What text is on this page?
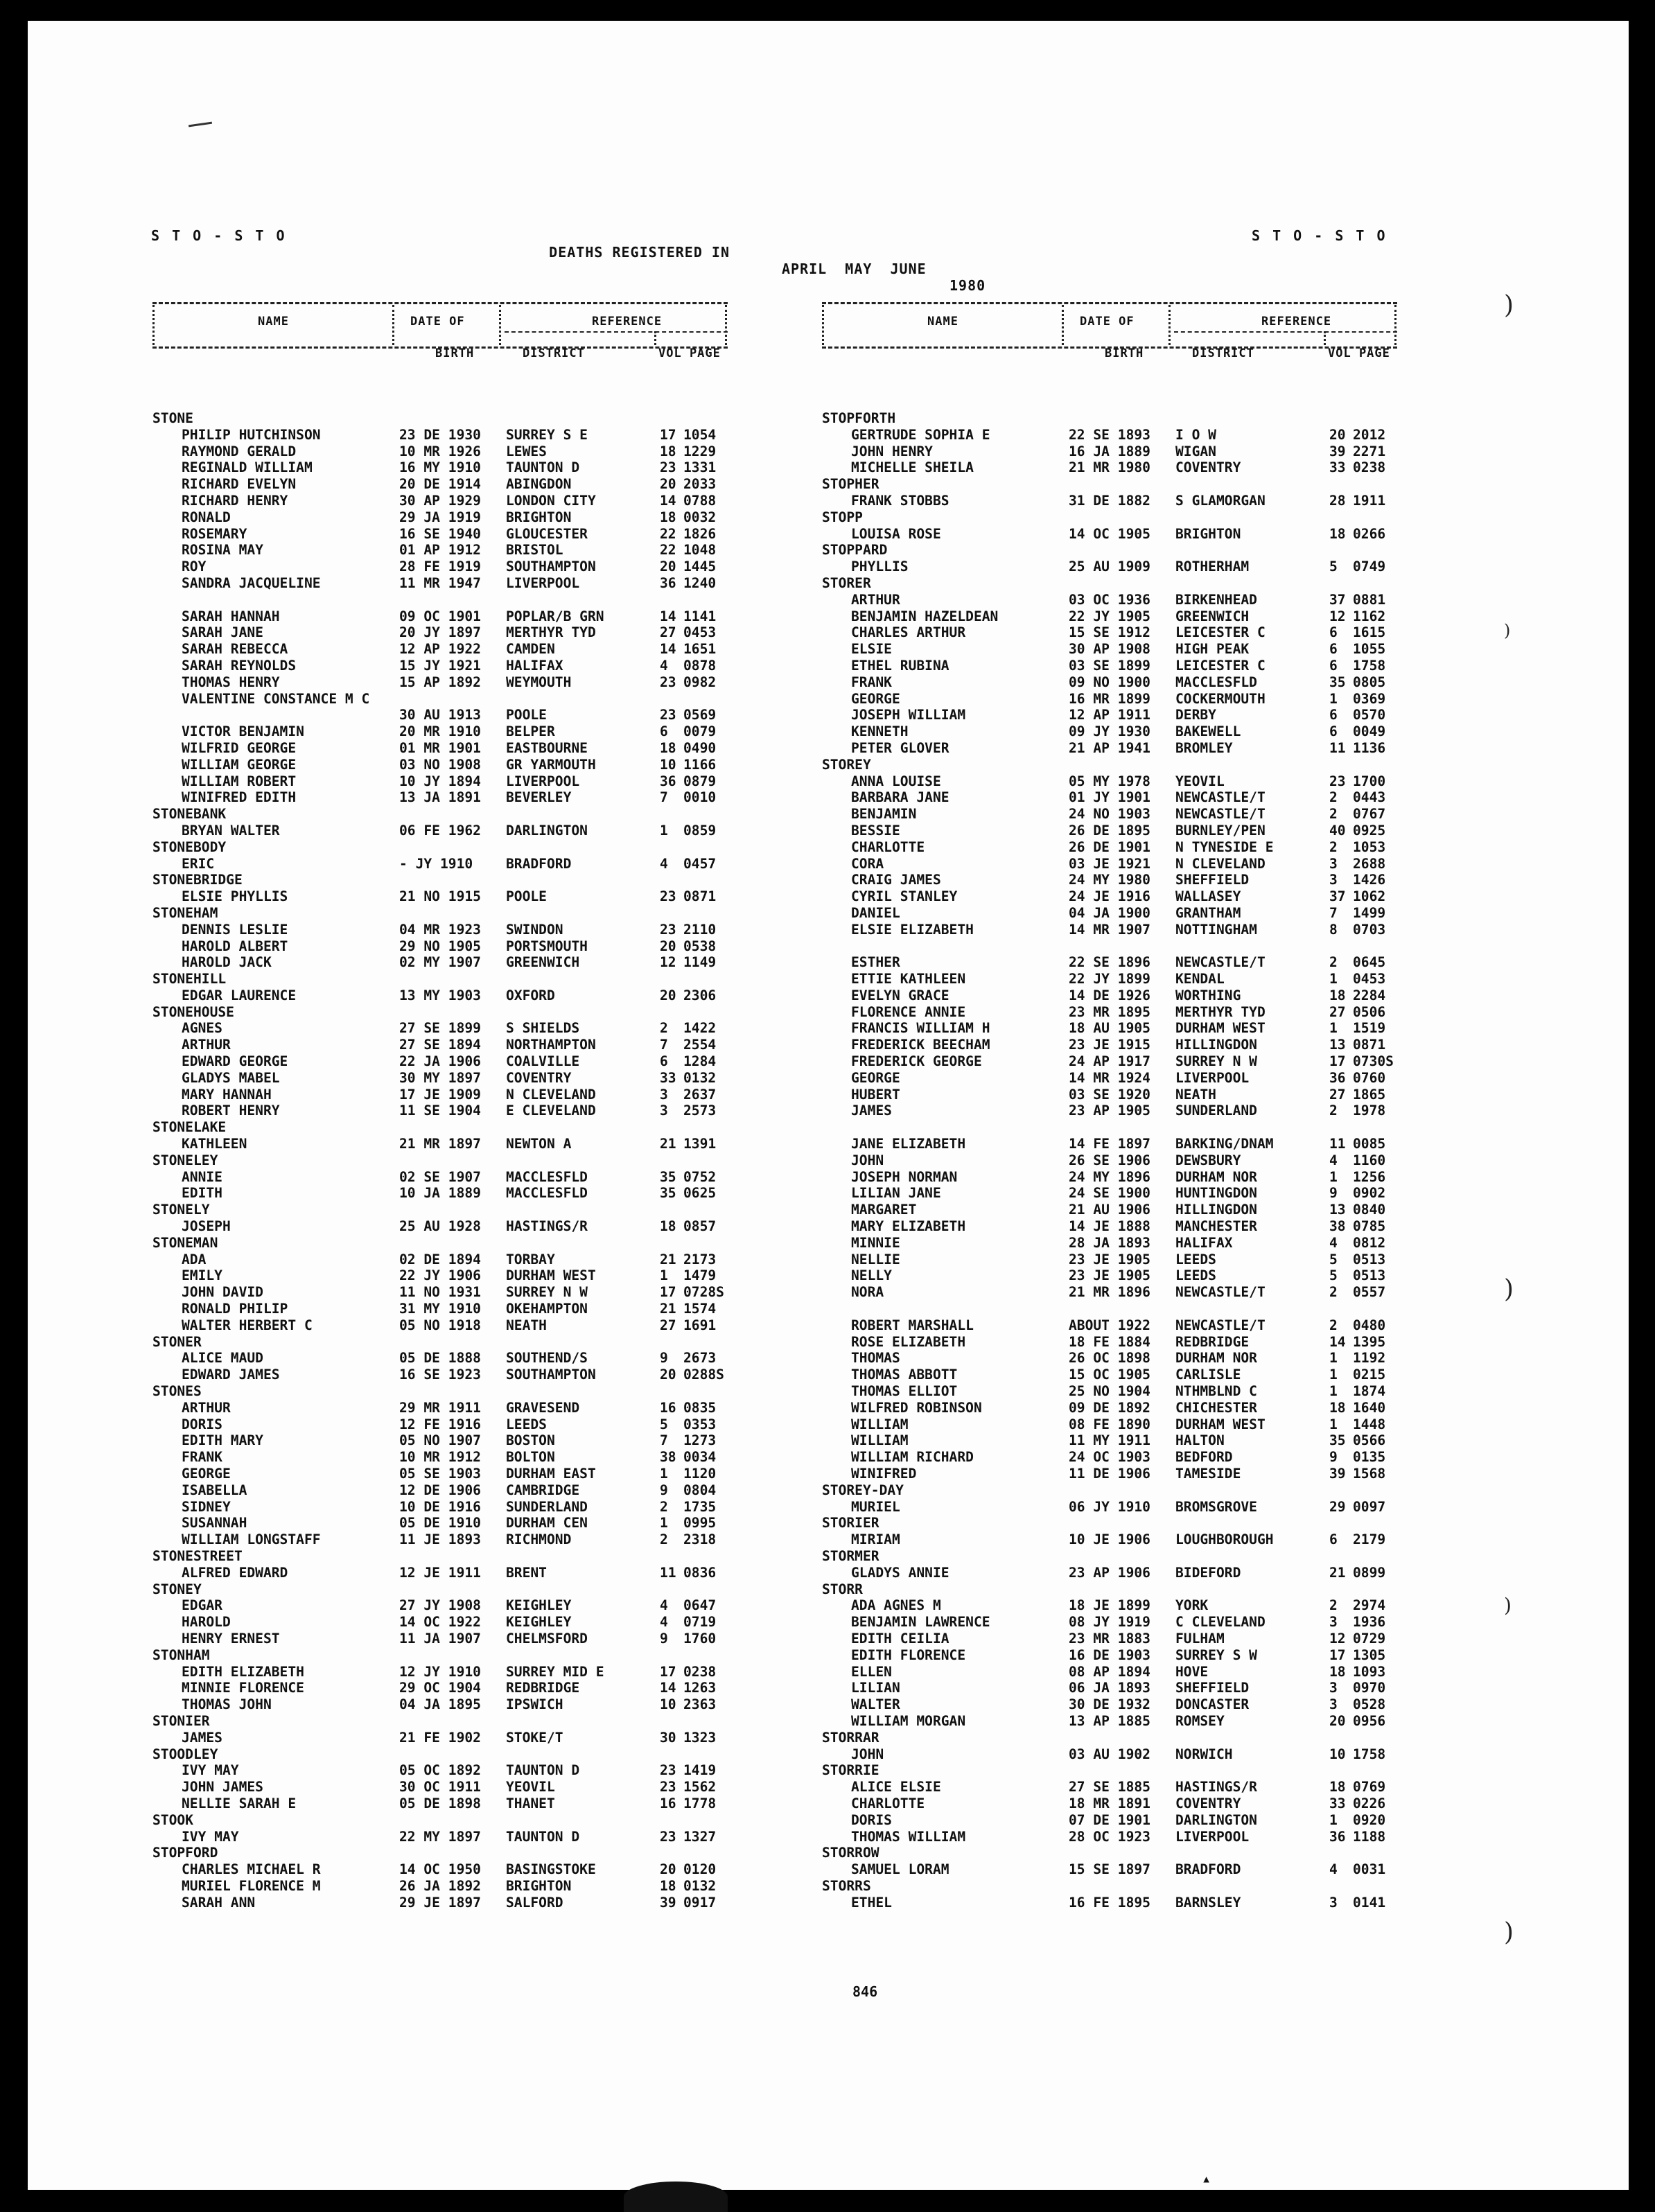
S T O - S T O

DEATHS REGISTERED IN

APRIL  MAY  JUNE

1980

S T O - S T O
NAME	DATE OF
BIRTH
REFERENCE
DISTRICT	VOL PAGE
STONE
PHILIP HUTCHINSON	23 DE 1930 SURREY S E	17 1054
RAYMOND GERALD	10 MR 1926 LEWES	18 1229
REGINALD WILLIAM	16 MY 1910 TAUNTON D	23 1331
RICHARD EVELYN	20 DE 1914 ABINGDON	20 2033
RICHARD HENRY	30 AP 1929 LONDON CITY	14 0788
RONALD	29 JA 1919 BRIGHTON	18 0032
ROSEMARY	16 SE 1940 GLOUCESTER	22 1826
ROSINA MAY	01 AP 1912 BRISTOL	22 1048
ROY	28 FE 1919 SOUTHAMPTON	20 1445
SANDRA JACQUELINE	11 MR 1947 LIVERPOOL	36 1240
SARAH HANNAH	09 OC 1901 POPLAR/B GRN	14 1141
SARAH JANE	20 JY 1897 MERTHYR TYD	27 0453
SARAH REBECCA	12 AP 1922 CAMDEN	14 1651
SARAH REYNOLDS	15 JY 1921 HALIFAX	4 0878
THOMAS HENRY	15 AP 1892 WEYMOUTH	23 0982
VALENTINE CONSTANCE M C
30 AU 1913 POOLE	23 0569
VICTOR BENJAMIN	20 MR 1910 BELPER	6 0079
WILFRID GEORGE	01 MR 1901 EASTBOURNE	18 0490
WILLIAM GEORGE	03 NO 1908 GR YARMOUTH	10 1166
WILLIAM ROBERT	10 JY 1894 LIVERPOOL	36 0879
WINIFRED EDITH	13 JA 1891 BEVERLEY	7 0010
STONEBANK
BRYAN WALTER	06 FE 1962 DARLINGTON	1 0859
STONEBODY
ERIC	- JY 1910 BRADFORD	4 0457
STONEBRIDGE
ELSIE PHYLLIS	21 NO 1915 POOLE	23 0871
STONEHAM
DENNIS LESLIE	04 MR 1923 SWINDON	23 2110
HAROLD ALBERT	29 NO 1905 PORTSMOUTH	20 0538
HAROLD JACK	02 MY 1907 GREENWICH	12 1149
STONEHILL
EDGAR LAURENCE	13 MY 1903 OXFORD	20 2306
STONEHOUSE
AGNES	27 SE 1899 S SHIELDS	2 1422
ARTHUR	27 SE 1894 NORTHAMPTON	7 2554
EDWARD GEORGE	22 JA 1906 COALVILLE	6 1284
GLADYS MABEL	30 MY 1897 COVENTRY	33 0132
MARY HANNAH	17 JE 1909 N CLEVELAND	3 2637
ROBERT HENRY	11 SE 1904 E CLEVELAND	3 2573
STONELAKE
KATHLEEN	21 MR 1897 NEWTON A	21 1391
STONELEY
ANNIE	02 SE 1907 MACCLESFLD	35 0752
EDITH	10 JA 1889 MACCLESFLD	35 0625
STONELY
JOSEPH	25 AU 1928 HASTINGS/R	18 0857
STONEMAN
ADA	02 DE 1894 TORBAY	21 2173
EMILY	22 JY 1906 DURHAM WEST	1 1479
JOHN DAVID	11 NO 1931 SURREY N W	17 0728S
RONALD PHILIP	31 MY 1910 OKEHAMPTON	21 1574
WALTER HERBERT C	05 NO 1918 NEATH	27 1691
STONER
ALICE MAUD	05 DE 1888 SOUTHEND/S	9 2673
EDWARD JAMES	16 SE 1923 SOUTHAMPTON	20 0288S
STONES
ARTHUR	29 MR 1911 GRAVESEND	16 0835
DORIS	12 FE 1916 LEEDS	5 0353
EDITH MARY	05 NO 1907 BOSTON	7 1273
FRANK	10 MR 1912 BOLTON	38 0034
GEORGE	05 SE 1903 DURHAM EAST	1 1120
ISABELLA	12 DE 1906 CAMBRIDGE	9 0804
SIDNEY	10 DE 1916 SUNDERLAND	2 1735
SUSANNAH	05 DE 1910 DURHAM CEN	1 0995
WILLIAM LONGSTAFF	11 JE 1893 RICHMOND	2 2318
STONESTREET
ALFRED EDWARD	12 JE 1911 BRENT	11 0836
STONEY
EDGAR	27 JY 1908 KEIGHLEY	4 0647
HAROLD	14 OC 1922 KEIGHLEY	4 0719
HENRY ERNEST	11 JA 1907 CHELMSFORD	9 1760
STONHAM
EDITH ELIZABETH	12 JY 1910 SURREY MID E	17 0238
MINNIE FLORENCE	29 OC 1904 REDBRIDGE	14 1263
THOMAS JOHN	04 JA 1895 IPSWICH	10 2363
STONIER
JAMES	21 FE 1902 STOKE/T	30 1323
STOODLEY
IVY MAY	05 OC 1892 TAUNTON D	23 1419
JOHN JAMES	30 OC 1911 YEOVIL	23 1562
NELLIE SARAH E	05 DE 1898 THANET	16 1778
STOOK
IVY MAY	22 MY 1897 TAUNTON D	23 1327
STOPFORD
CHARLES MICHAEL R	14 OC 1950 BASINGSTOKE	20 0120
MURIEL FLORENCE M	26 JA 1892 BRIGHTON	18 0132
SARAH ANN	29 JE 1897 SALFORD	39 0917
NAME	DATE OF
BIRTH
REFERENCE
DISTRICT	VOL PAGE
STOPFORTH
GERTRUDE SOPHIA E	22 SE 1893 I O W	20 2012
JOHN HENRY	16 JA 1889 WIGAN	39 2271
MICHELLE SHEILA	21 MR 1980 COVENTRY	33 0238
STOPHER
FRANK STOBBS	31 DE 1882 S GLAMORGAN	28 1911
STOPP
LOUISA ROSE	14 OC 1905 BRIGHTON	18 0266
STOPPARD
PHYLLIS	25 AU 1909 ROTHERHAM	5 0749
STORER
ARTHUR	03 OC 1936 BIRKENHEAD	37 0881
BENJAMIN HAZELDEAN	22 JY 1905 GREENWICH	12 1162
CHARLES ARTHUR	15 SE 1912 LEICESTER C	6 1615
ELSIE	30 AP 1908 HIGH PEAK	6 1055
ETHEL RUBINA	03 SE 1899 LEICESTER C	6 1758
FRANK	09 NO 1900 MACCLESFLD	35 0805
GEORGE	16 MR 1899 COCKERMOUTH	1 0369
JOSEPH WILLIAM	12 AP 1911 DERBY	6 0570
KENNETH	09 JY 1930 BAKEWELL	6 0049
PETER GLOVER	21 AP 1941 BROMLEY	11 1136
STOREY
ANNA LOUISE	05 MY 1978 YEOVIL	23 1700
BARBARA JANE	01 JY 1901 NEWCASTLE/T	2 0443
BENJAMIN	24 NO 1903 NEWCASTLE/T	2 0767
BESSIE	26 DE 1895 BURNLEY/PEN	40 0925
CHARLOTTE	26 DE 1901 N TYNESIDE E	2 1053
CORA	03 JE 1921 N CLEVELAND	3 2688
CRAIG JAMES	24 MY 1980 SHEFFIELD	3 1426
CYRIL STANLEY	24 JE 1916 WALLASEY	37 1062
DANIEL	04 JA 1900 GRANTHAM	7 1499
ELSIE ELIZABETH	14 MR 1907 NOTTINGHAM	8 0703
ESTHER	22 SE 1896 NEWCASTLE/T	2 0645
ETTIE KATHLEEN	22 JY 1899 KENDAL	1 0453
EVELYN GRACE	14 DE 1926 WORTHING	18 2284
FLORENCE ANNIE	23 MR 1895 MERTHYR TYD	27 0506
FRANCIS WILLIAM H	18 AU 1905 DURHAM WEST	1 1519
FREDERICK BEECHAM	23 JE 1915 HILLINGDON	13 0871
FREDERICK GEORGE	24 AP 1917 SURREY N W	17 0730S
GEORGE	14 MR 1924 LIVERPOOL	36 0760
HUBERT	03 SE 1920 NEATH	27 1865
JAMES	23 AP 1905 SUNDERLAND	2 1978
JANE ELIZABETH	14 FE 1897 BARKING/DNAM	11 0085
JOHN	26 SE 1906 DEWSBURY	4 1160
JOSEPH NORMAN	24 MY 1896 DURHAM NOR	1 1256
LILIAN JANE	24 SE 1900 HUNTINGDON	9 0902
MARGARET	21 AU 1906 HILLINGDON	13 0840
MARY ELIZABETH	14 JE 1888 MANCHESTER	38 0785
MINNIE	28 JA 1893 HALIFAX	4 0812
NELLIE	23 JE 1905 LEEDS	5 0513
NELLY	23 JE 1905 LEEDS	5 0513
NORA	21 MR 1896 NEWCASTLE/T	2 0557
ROBERT MARSHALL	ABOUT 1922 NEWCASTLE/T	2 0480
ROSE ELIZABETH	18 FE 1884 REDBRIDGE	14 1395
THOMAS	26 OC 1898 DURHAM NOR	1 1192
THOMAS ABBOTT	15 OC 1905 CARLISLE	1 0215
THOMAS ELLIOT	25 NO 1904 NTHMBLND C	1 1874
WILFRED ROBINSON	09 DE 1892 CHICHESTER	18 1640
WILLIAM	08 FE 1890 DURHAM WEST	1 1448
WILLIAM	11 MY 1911 HALTON	35 0566
WILLIAM RICHARD	24 OC 1903 BEDFORD	9 0135
WINIFRED	11 DE 1906 TAMESIDE	39 1568
STOREY-DAY
MURIEL	06 JY 1910 BROMSGROVE	29 0097
STORIER
MIRIAM	10 JE 1906 LOUGHBOROUGH	6 2179
STORMER
GLADYS ANNIE	23 AP 1906 BIDEFORD	21 0899
STORR
ADA AGNES M	18 JE 1899 YORK	2 2974
BENJAMIN LAWRENCE	08 JY 1919 C CLEVELAND	3 1936
EDITH CEILIA	23 MR 1883 FULHAM	12 0729
EDITH FLORENCE	16 DE 1903 SURREY S W	17 1305
ELLEN	08 AP 1894 HOVE	18 1093
LILIAN	06 JA 1893 SHEFFIELD	3 0970
WALTER	30 DE 1932 DONCASTER	3 0528
WILLIAM MORGAN	13 AP 1885 ROMSEY	20 0956
STORRAR
JOHN	03 AU 1902 NORWICH	10 1758
STORRIE
ALICE ELSIE	27 SE 1885 HASTINGS/R	18 0769
CHARLOTTE	18 MR 1891 COVENTRY	33 0226
DORIS	07 DE 1901 DARLINGTON	1 0920
THOMAS WILLIAM	28 OC 1923 LIVERPOOL	36 1188
STORROW
SAMUEL LORAM	15 SE 1897 BRADFORD	4 0031
STORRS
ETHEL	16 FE 1895 BARNSLEY	3 0141
846
)
)
)
)
)
▴
